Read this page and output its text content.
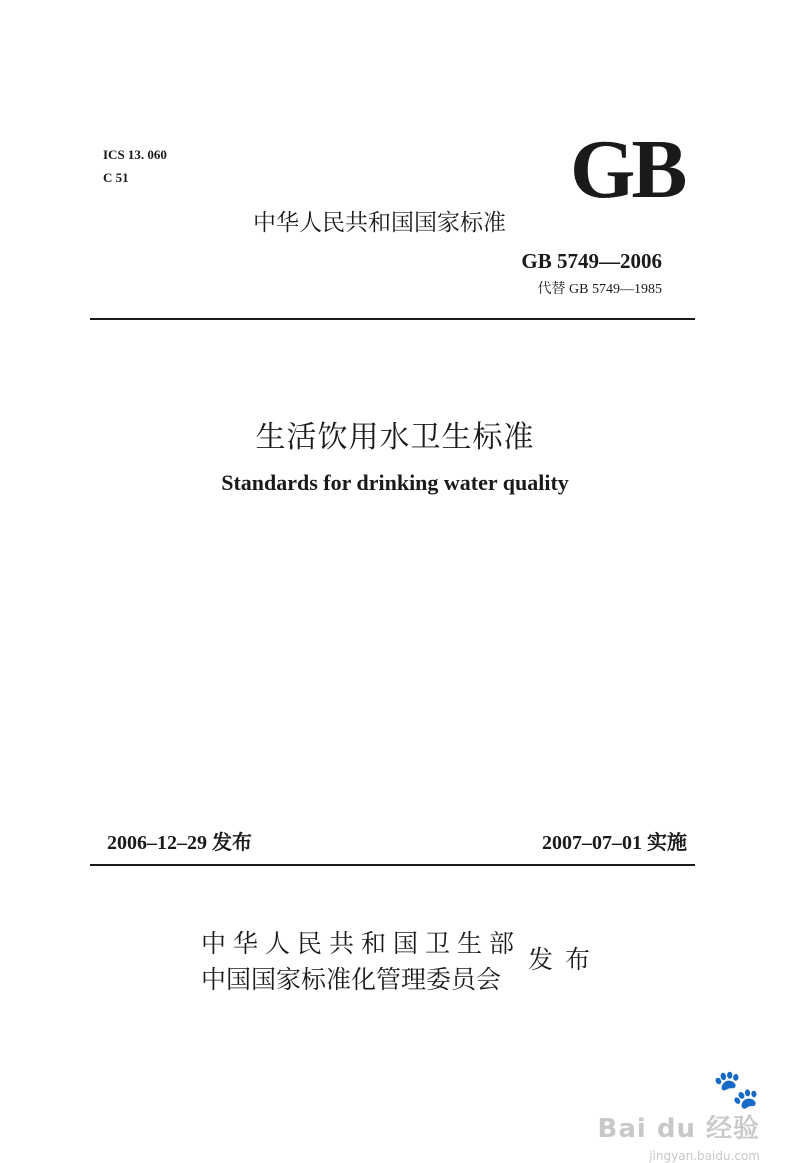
ICS 13. 060
C 51	GB
中华人民共和国国家标准
GB 5749—2006
代替 GB 5749—1985
生活饮用水卫生标准
Standards for drinking water quality
2006–12–29 发布	2007–07–01 实施
中华人民共和国卫生部
中国国家标准化管理委员会
发布
🐾
Bai du 经验
jingyan.baidu.com
